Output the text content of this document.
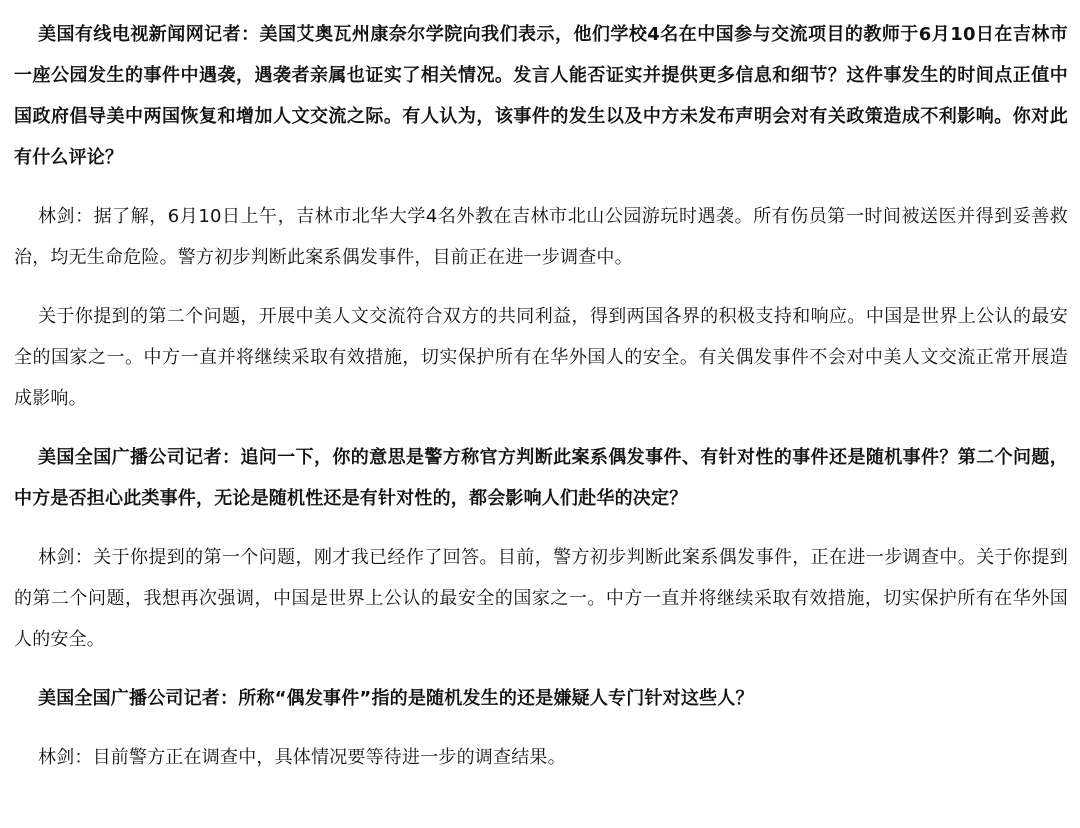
美国有线电视新闻网记者：美国艾奥瓦州康奈尔学院向我们表示，他们学校4名在中国参与交流项目的教师于6月10日在吉林市一座公园发生的事件中遇袭，遇袭者亲属也证实了相关情况。发言人能否证实并提供更多信息和细节？这件事发生的时间点正值中国政府倡导美中两国恢复和增加人文交流之际。有人认为，该事件的发生以及中方未发布声明会对有关政策造成不利影响。你对此有什么评论？

林剑：据了解，6月10日上午，吉林市北华大学4名外教在吉林市北山公园游玩时遇袭。所有伤员第一时间被送医并得到妥善救治，均无生命危险。警方初步判断此案系偶发事件，目前正在进一步调查中。

关于你提到的第二个问题，开展中美人文交流符合双方的共同利益，得到两国各界的积极支持和响应。中国是世界上公认的最安全的国家之一。中方一直并将继续采取有效措施，切实保护所有在华外国人的安全。有关偶发事件不会对中美人文交流正常开展造成影响。

美国全国广播公司记者：追问一下，你的意思是警方称官方判断此案系偶发事件、有针对性的事件还是随机事件？第二个问题，中方是否担心此类事件，无论是随机性还是有针对性的，都会影响人们赴华的决定？

林剑：关于你提到的第一个问题，刚才我已经作了回答。目前，警方初步判断此案系偶发事件，正在进一步调查中。关于你提到的第二个问题，我想再次强调，中国是世界上公认的最安全的国家之一。中方一直并将继续采取有效措施，切实保护所有在华外国人的安全。

美国全国广播公司记者：所称“偶发事件”指的是随机发生的还是嫌疑人专门针对这些人？

林剑：目前警方正在调查中，具体情况要等待进一步的调查结果。
